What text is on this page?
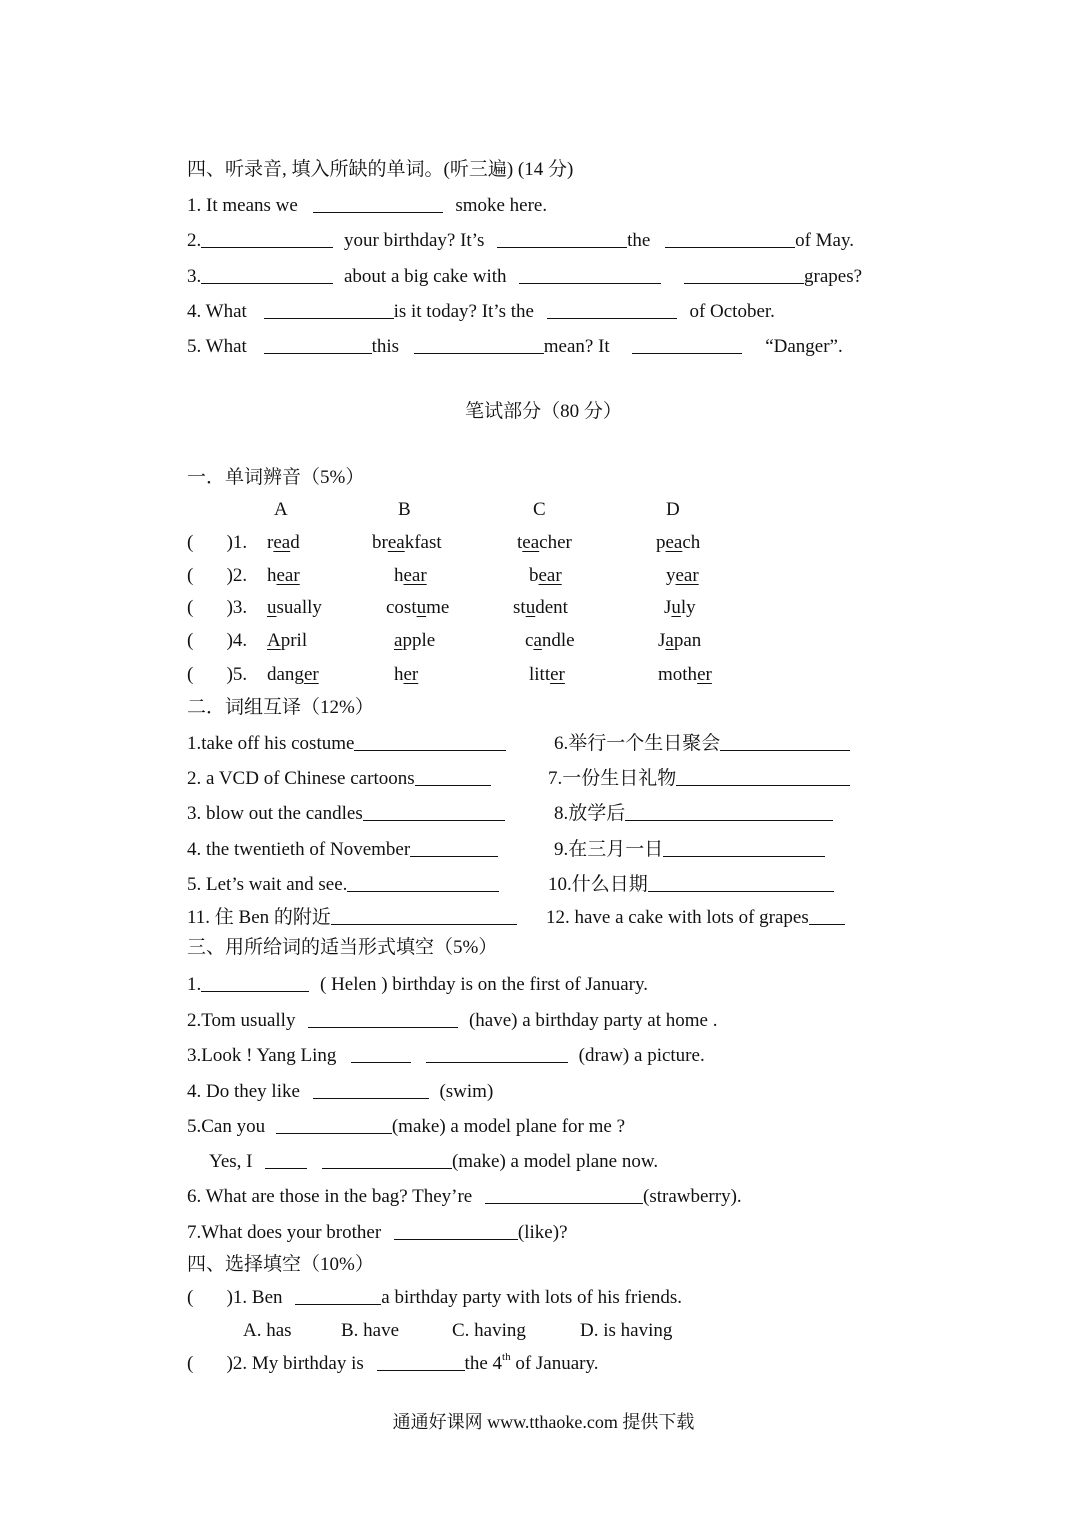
四、听录音, 填入所缺的单词。(听三遍) (14 分)
1. It means we	smoke here.
2.	your birthday? It’s	the	of May.
3.	about a big cake with	grapes?
4. What	is it today? It’s the	of October.
5. What	this	mean? It	“Danger”.
笔试部分（80 分）
一．单词辨音（5%）
A	B	C	D
(       )1. read	breakfast	teacher	peach
(       )2. hear	hear	bear	year
(       )3. usually	costume	student	July
(       )4. April	apple	candle	Japan
(       )5. danger	her	litter	mother
二．词组互译（12%）
1.take off his costume	6.举行一个生日聚会
2. a VCD of Chinese cartoons	7.一份生日礼物
3. blow out the candles	8.放学后
4. the twentieth of November	9.在三月一日
5. Let’s wait and see.	10.什么日期
11. 住 Ben 的附近	12. have a cake with lots of grapes
三、用所给词的适当形式填空（5%）
1.	( Helen ) birthday is on the first of January.
2.Tom usually	(have) a birthday party at home .
3.Look ! Yang Ling	(draw) a picture.
4. Do they like	(swim)
5.Can you	(make) a model plane for me ?
Yes, I	(make) a model plane now.
6. What are those in the bag? They’re	(strawberry).
7.What does your brother	(like)?
四、选择填空（10%）
(       )1. Ben	a birthday party with lots of his friends.
A. has	B. have	C. having	D. is having
(       )2. My birthday is	the 4th of January.
通通好课网 www.tthaoke.com 提供下载
